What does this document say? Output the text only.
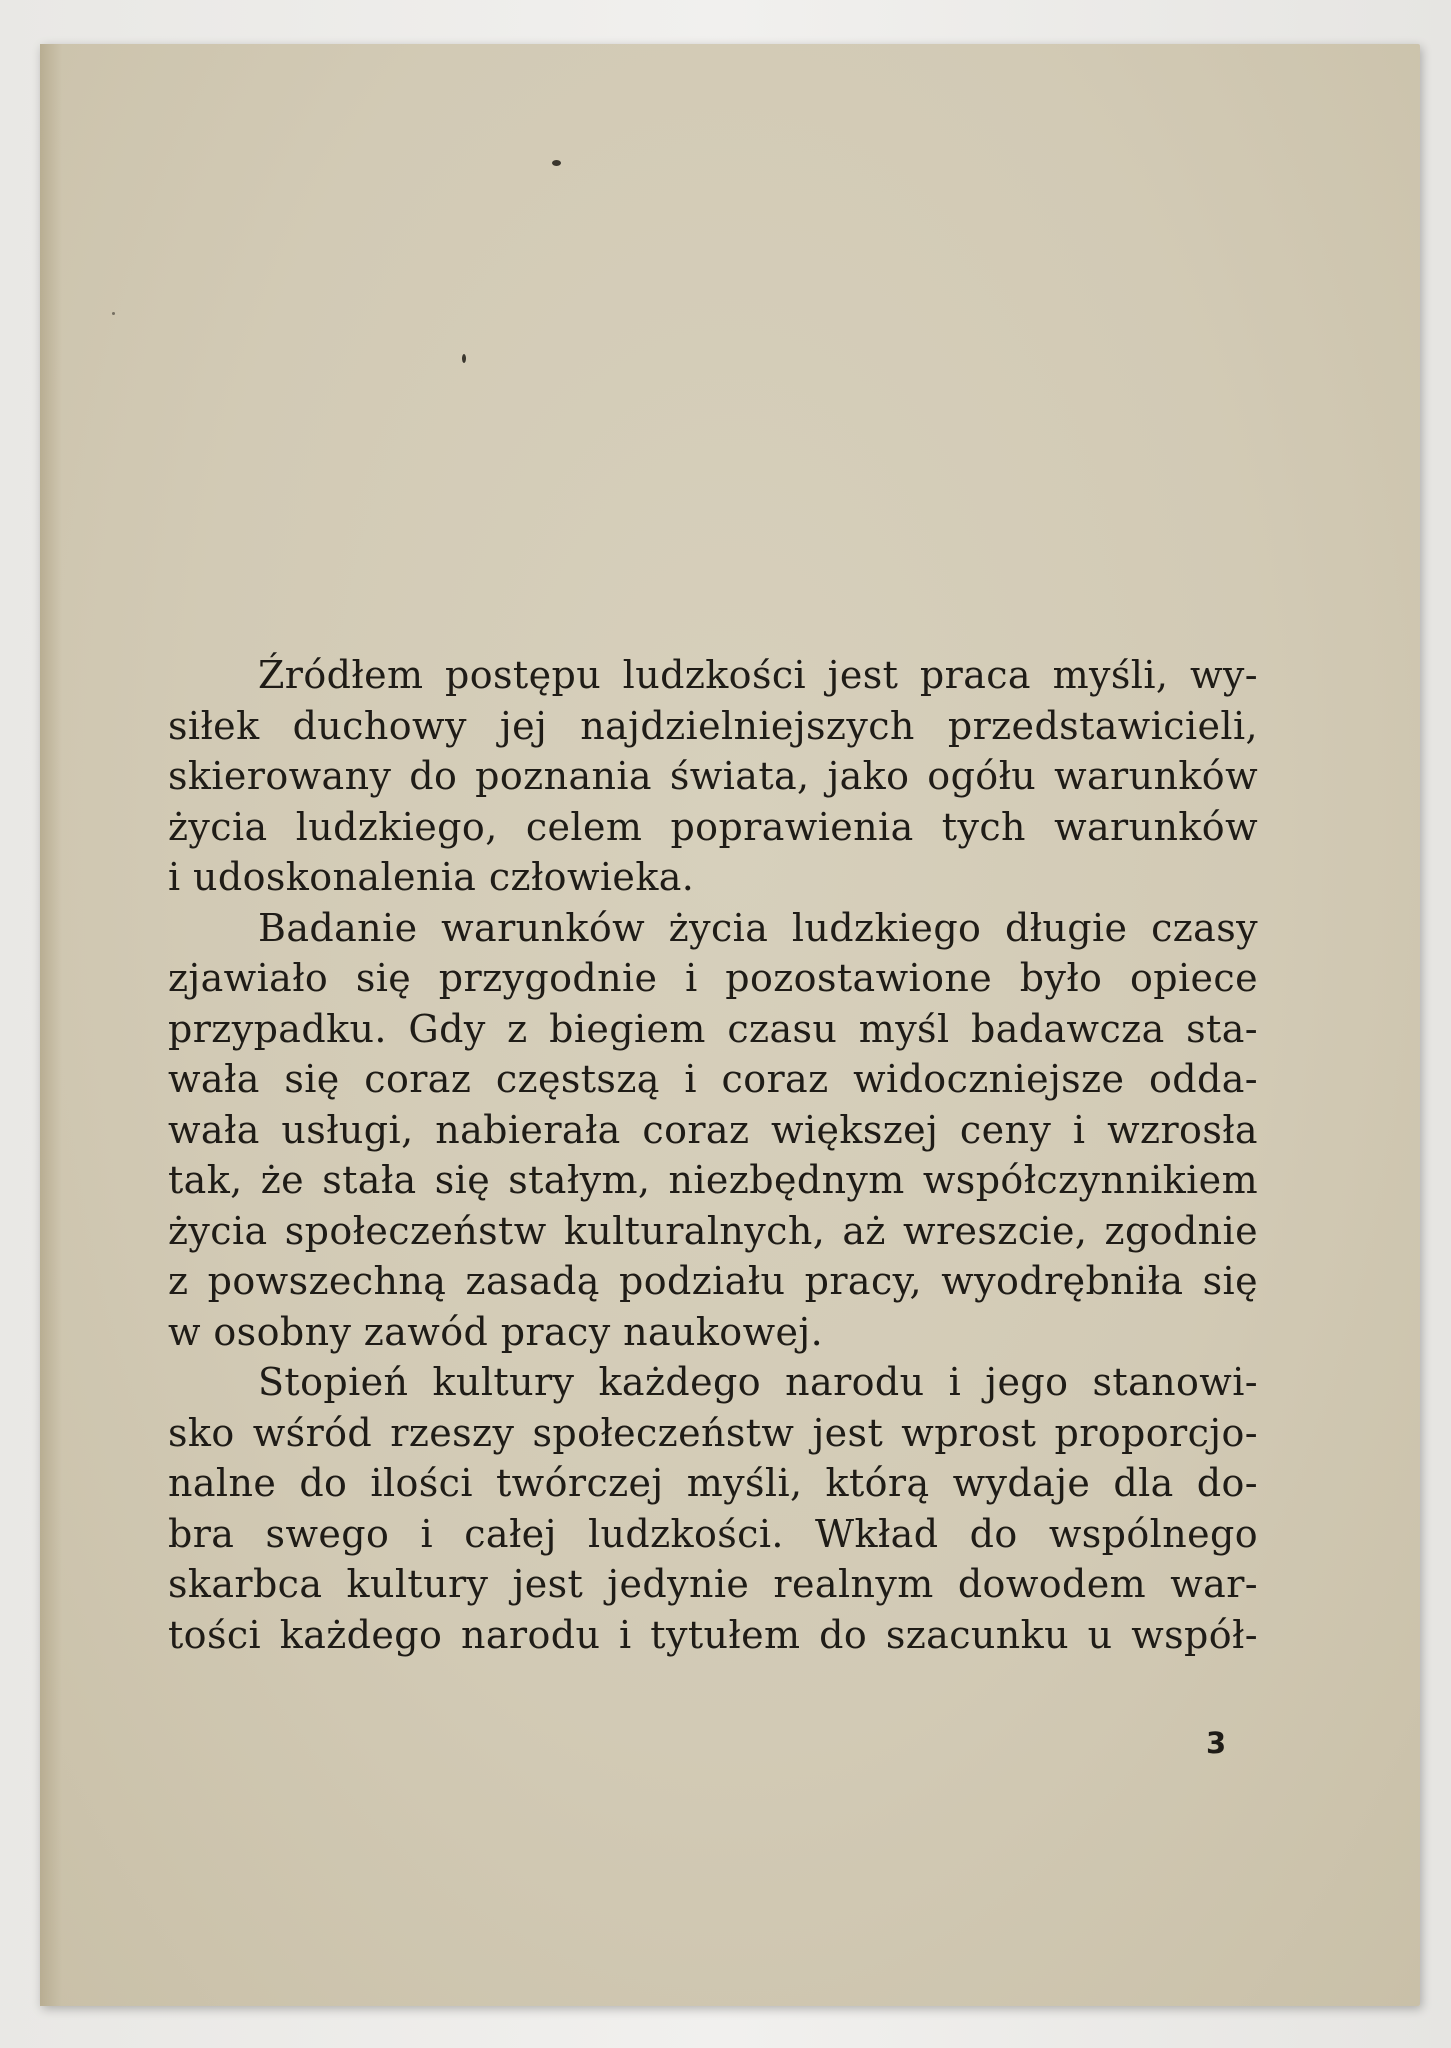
Źródłem postępu ludzkości jest praca myśli, wy-
siłek duchowy jej najdzielniejszych przedstawicieli,
skierowany do poznania świata, jako ogółu warunków
życia ludzkiego, celem poprawienia tych warunków
i udoskonalenia człowieka.

Badanie warunków życia ludzkiego długie czasy
zjawiało się przygodnie i pozostawione było opiece
przypadku. Gdy z biegiem czasu myśl badawcza sta-
wała się coraz częstszą i coraz widoczniejsze odda-
wała usługi, nabierała coraz większej ceny i wzrosła
tak, że stała się stałym, niezbędnym współczynnikiem
życia społeczeństw kulturalnych, aż wreszcie, zgodnie
z powszechną zasadą podziału pracy, wyodrębniła się
w osobny zawód pracy naukowej.

Stopień kultury każdego narodu i jego stanowi-
sko wśród rzeszy społeczeństw jest wprost proporcjo-
nalne do ilości twórczej myśli, którą wydaje dla do-
bra swego i całej ludzkości. Wkład do wspólnego
skarbca kultury jest jedynie realnym dowodem war-
tości każdego narodu i tytułem do szacunku u współ-

3
